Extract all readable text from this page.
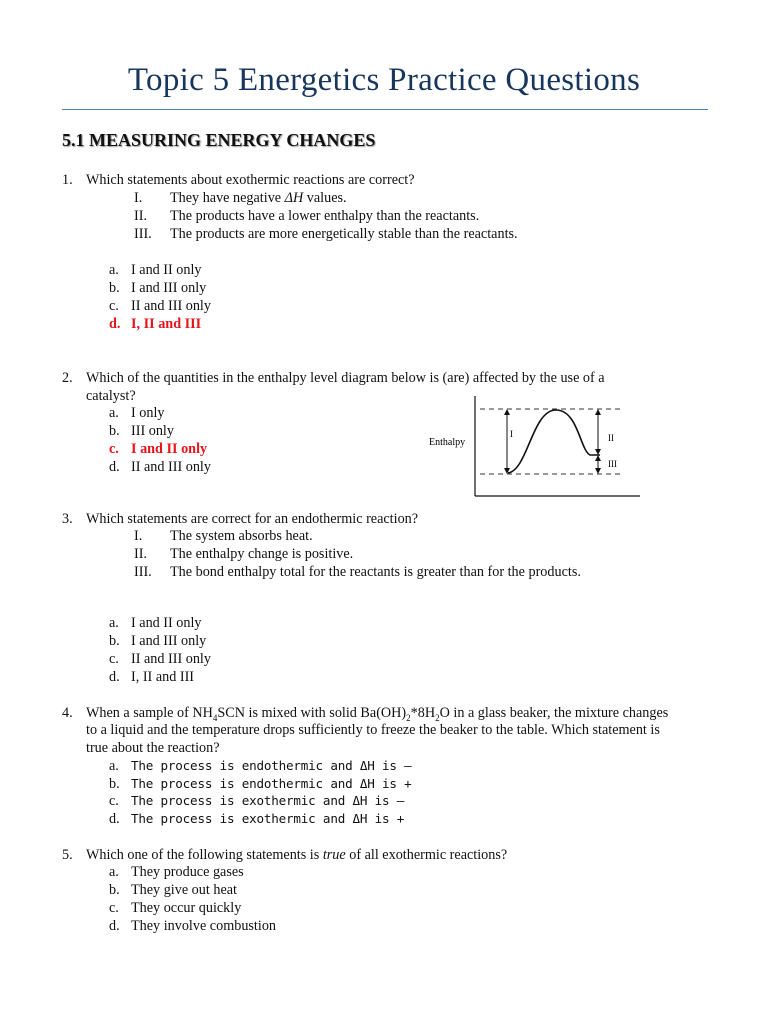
Topic 5 Energetics Practice Questions
5.1 MEASURING ENERGY CHANGES
1. Which statements about exothermic reactions are correct?
I. They have negative ΔH values.
II. The products have a lower enthalpy than the reactants.
III. The products are more energetically stable than the reactants.
a. I and II only
b. I and III only
c. II and III only
d. I, II and III
2. Which of the quantities in the enthalpy level diagram below is (are) affected by the use of a
catalyst?
a. I only
b. III only
c. I and II only
d. II and III only
Enthalpy
I	II
III
3. Which statements are correct for an endothermic reaction?
I. The system absorbs heat.
II. The enthalpy change is positive.
III. The bond enthalpy total for the reactants is greater than for the products.
a. I and II only
b. I and III only
c. II and III only
d. I, II and III
4. When a sample of $NH_4SCN$ is mixed with solid $Ba(OH)_2*8H_2O$ in a glass beaker, the mixture changes
to a liquid and the temperature drops sufficiently to freeze the beaker to the table. Which statement is
true about the reaction?
a. The process is endothermic and ΔH is –
b. The process is endothermic and ΔH is +
c. The process is exothermic and ΔH is –
d. The process is exothermic and ΔH is +
5. Which one of the following statements is true of all exothermic reactions?
a. They produce gases
b. They give out heat
c. They occur quickly
d. They involve combustion
